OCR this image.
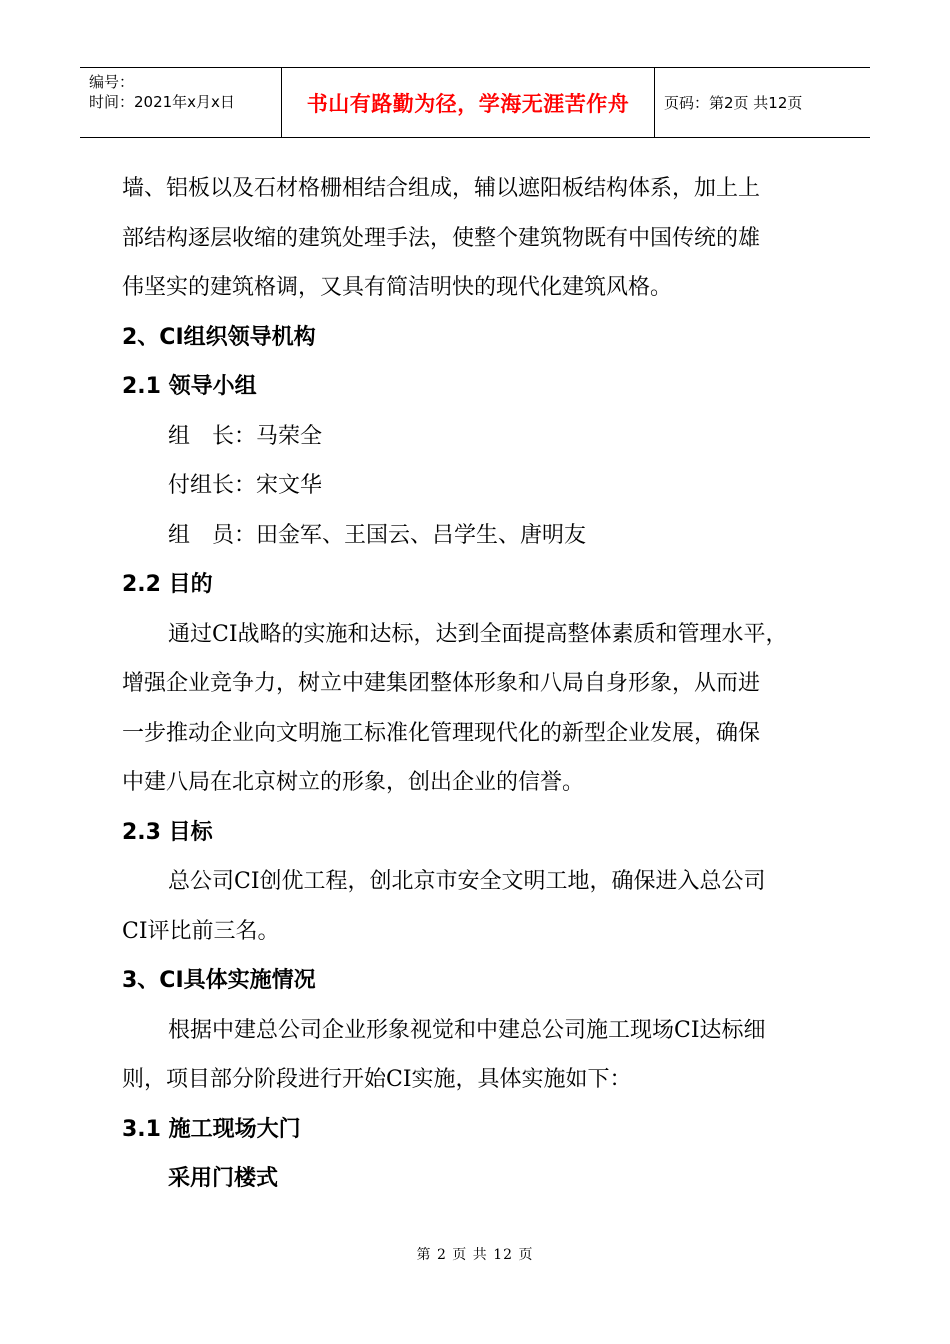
编号：
时间：2021年x月x日	书山有路勤为径，学海无涯苦作舟	页码：第2页 共12页
墙、铝板以及石材格栅相结合组成，辅以遮阳板结构体系，加上上
部结构逐层收缩的建筑处理手法，使整个建筑物既有中国传统的雄
伟坚实的建筑格调，又具有简洁明快的现代化建筑风格。
2、CI组织领导机构
2.1 领导小组
组　长：马荣全
付组长：宋文华
组　员：田金军、王国云、吕学生、唐明友
2.2 目的
通过CI战略的实施和达标，达到全面提高整体素质和管理水平，
增强企业竞争力，树立中建集团整体形象和八局自身形象，从而进
一步推动企业向文明施工标准化管理现代化的新型企业发展，确保
中建八局在北京树立的形象，创出企业的信誉。
2.3 目标
总公司CI创优工程，创北京市安全文明工地，确保进入总公司
CI评比前三名。
3、CI具体实施情况
根据中建总公司企业形象视觉和中建总公司施工现场CI达标细
则，项目部分阶段进行开始CI实施，具体实施如下：
3.1 施工现场大门
采用门楼式
第 2 页 共 12 页
